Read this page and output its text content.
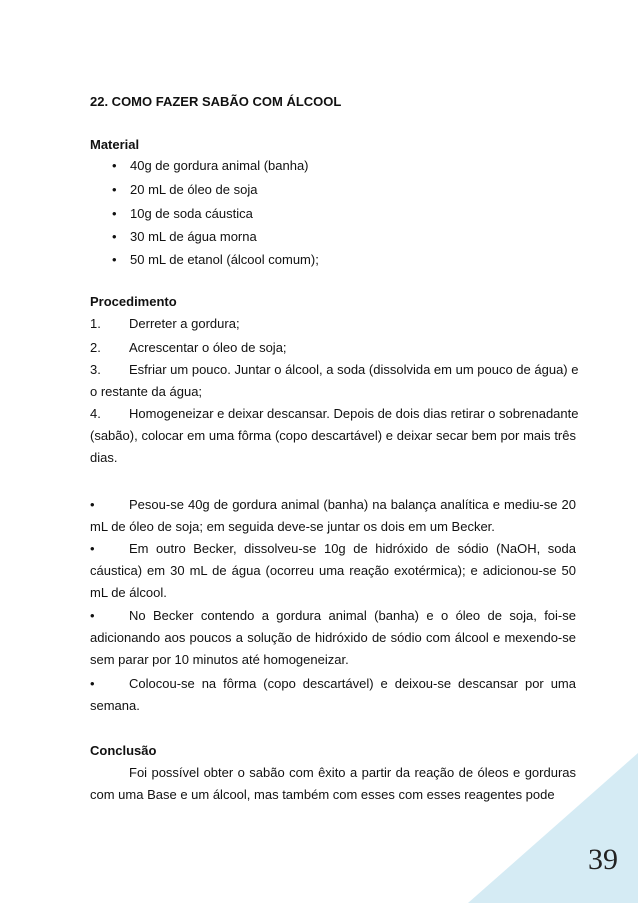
22. COMO FAZER SABÃO COM ÁLCOOL
Material
• 40g de gordura animal (banha)
• 20 mL de óleo de soja
• 10g de soda cáustica
• 30 mL de água morna
• 50 mL de etanol (álcool comum);
Procedimento
1. Derreter a gordura;
2. Acrescentar o óleo de soja;
3. Esfriar um pouco. Juntar o álcool, a soda (dissolvida em um pouco de água) e
o restante da água;
4. Homogeneizar e deixar descansar. Depois de dois dias retirar o sobrenadante
(sabão), colocar em uma fôrma (copo descartável) e deixar secar bem por mais três dias.
•	Pesou-se 40g de gordura animal (banha) na balança analítica e mediu-se 20 mL de óleo de soja; em seguida deve-se juntar os dois em um Becker.
•	Em outro Becker, dissolveu-se 10g de hidróxido de sódio (NaOH, soda cáustica) em 30 mL de água (ocorreu uma reação exotérmica); e adicionou-se 50 mL de álcool.
•	No Becker contendo a gordura animal (banha) e o óleo de soja, foi-se adicionando aos poucos a solução de hidróxido de sódio com álcool e mexendo-se sem parar por 10 minutos até homogeneizar.
•	Colocou-se na fôrma (copo descartável) e deixou-se descansar por uma semana.
Conclusão
Foi possível obter o sabão com êxito a partir da reação de óleos e gorduras com uma Base e um álcool, mas também com esses com esses reagentes pode
39
